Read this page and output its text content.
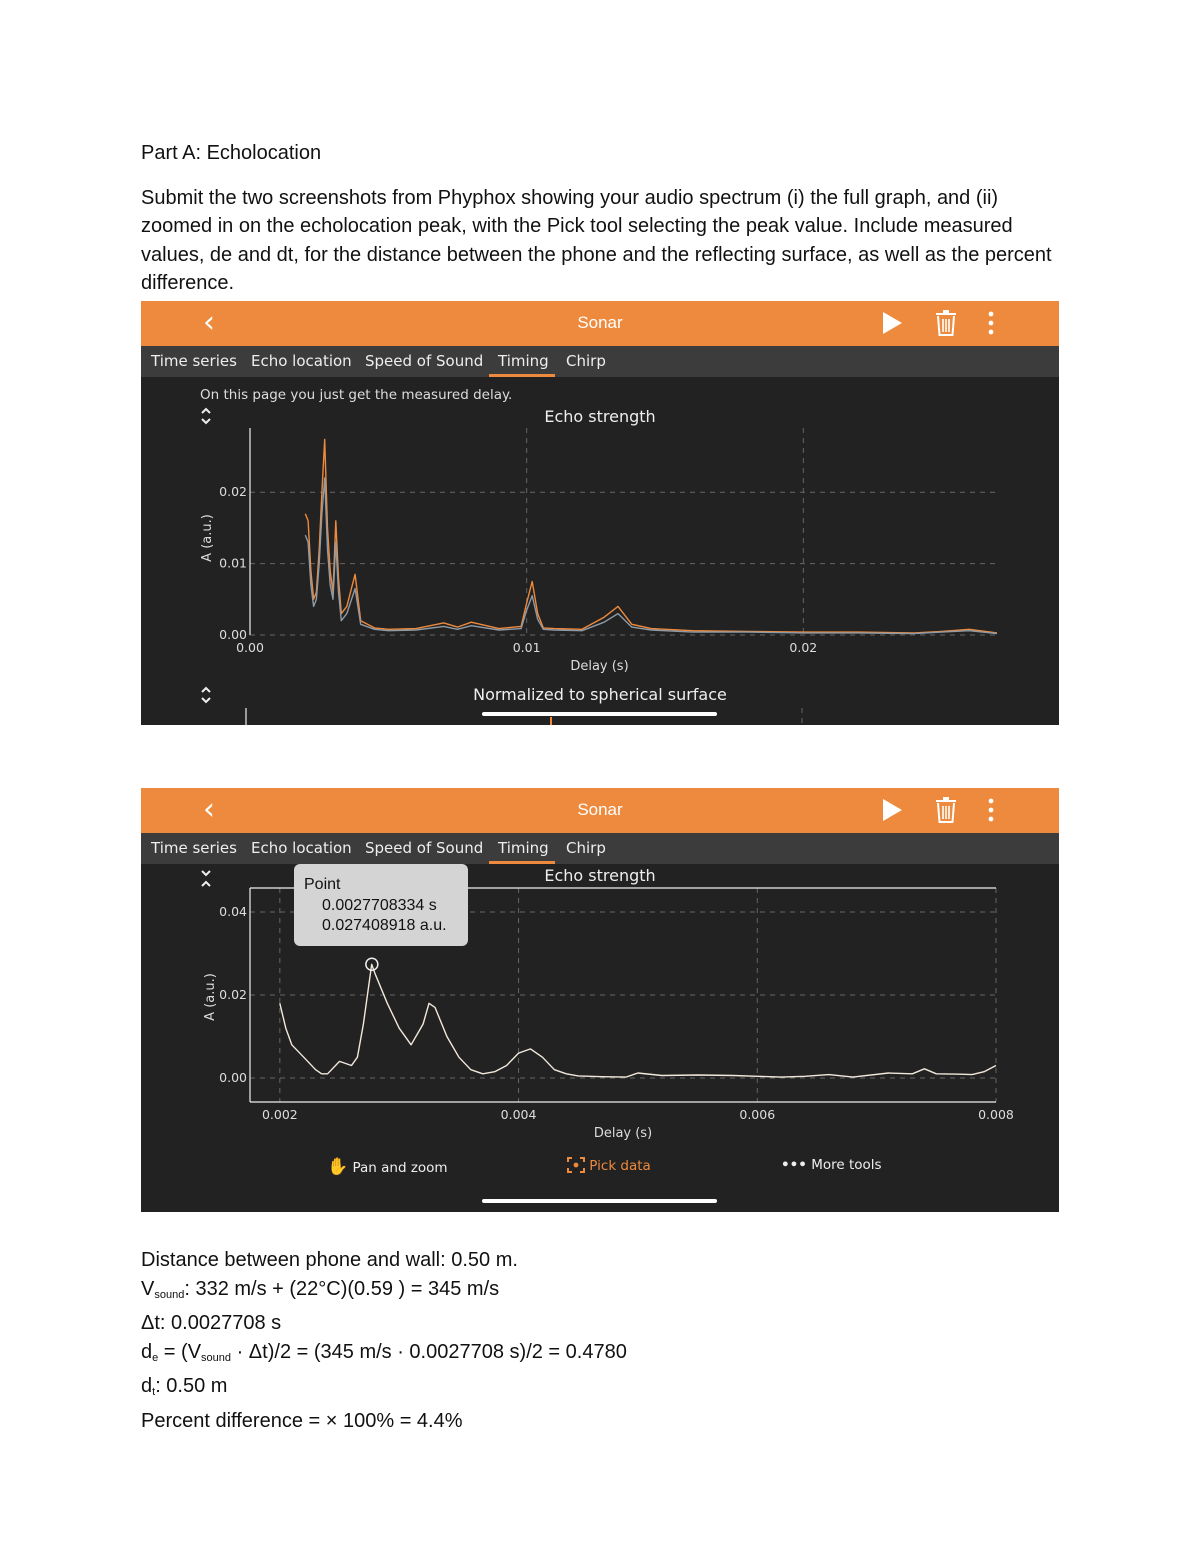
Part A: Echolocation
Submit the two screenshots from Phyphox showing your audio spectrum (i) the full graph, and (ii) zoomed in on the echolocation peak, with the Pick tool selecting the peak value. Include measured values, de and dt, for the distance between the phone and the reflecting surface, as well as the percent difference.
‹	Sonar
Time series Echo location Speed of Sound Timing Chirp
On this page you just get the measured delay.
Echo strength
0.00	0.01	0.02
0.00
0.01
0.02
Delay (s)
A (a.u.)
Normalized to spherical surface
‹	Sonar
Time series Echo location Speed of Sound Timing Chirp
Echo strength
0.002	0.004	0.006	0.008
0.00
0.02
0.04
Delay (s)
A (a.u.)
Point
0.0027708334 s
0.027408918 a.u.
✋ Pan and zoom	Pick data	••• More tools
Distance between phone and wall: 0.50 m.
$V_{sound}$: 332 m/s + (22°C)(0.59 ) = 345 m/s
Δt: 0.0027708 s
$d_e = (V_{sound} \cdot \Delta t)/2 = (345$ m/s · 0.0027708 s)/2 = 0.4780
$d_t$: 0.50 m
Percent difference = × 100% = 4.4%
